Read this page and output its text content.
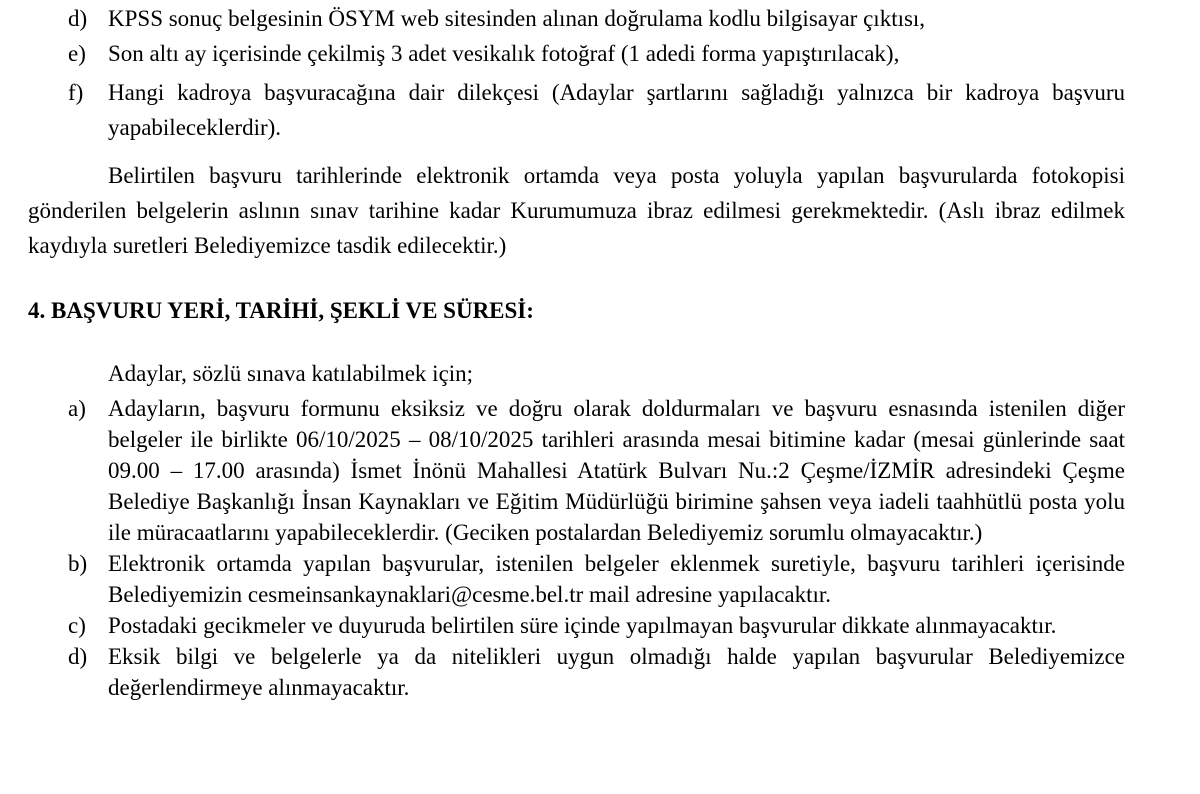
d) KPSS sonuç belgesinin ÖSYM web sitesinden alınan doğrulama kodlu bilgisayar çıktısı,
e) Son altı ay içerisinde çekilmiş 3 adet vesikalık fotoğraf (1 adedi forma yapıştırılacak),
f)	Hangi kadroya başvuracağına dair dilekçesi (Adaylar şartlarını sağladığı yalnızca bir kadroya başvuru yapabileceklerdir).
Belirtilen başvuru tarihlerinde elektronik ortamda veya posta yoluyla yapılan başvurularda fotokopisi gönderilen belgelerin aslının sınav tarihine kadar Kurumumuza ibraz edilmesi gerekmektedir. (Aslı ibraz edilmek kaydıyla suretleri Belediyemizce tasdik edilecektir.)
4. BAŞVURU YERİ, TARİHİ, ŞEKLİ VE SÜRESİ:
Adaylar, sözlü sınava katılabilmek için;
a) Adayların, başvuru formunu eksiksiz ve doğru olarak doldurmaları ve başvuru esnasında istenilen diğer belgeler ile birlikte 06/10/2025 – 08/10/2025 tarihleri arasında mesai bitimine kadar (mesai günlerinde saat 09.00 – 17.00 arasında) İsmet İnönü Mahallesi Atatürk Bulvarı Nu.:2 Çeşme/İZMİR adresindeki Çeşme Belediye Başkanlığı İnsan Kaynakları ve Eğitim Müdürlüğü birimine şahsen veya iadeli taahhütlü posta yolu ile müracaatlarını yapabileceklerdir. (Geciken postalardan Belediyemiz sorumlu olmayacaktır.)
b) Elektronik ortamda yapılan başvurular, istenilen belgeler eklenmek suretiyle, başvuru tarihleri içerisinde Belediyemizin cesmeinsankaynaklari@cesme.bel.tr mail adresine yapılacaktır.
c) Postadaki gecikmeler ve duyuruda belirtilen süre içinde yapılmayan başvurular dikkate alınmayacaktır.
d) Eksik bilgi ve belgelerle ya da nitelikleri uygun olmadığı halde yapılan başvurular Belediyemizce değerlendirmeye alınmayacaktır.
